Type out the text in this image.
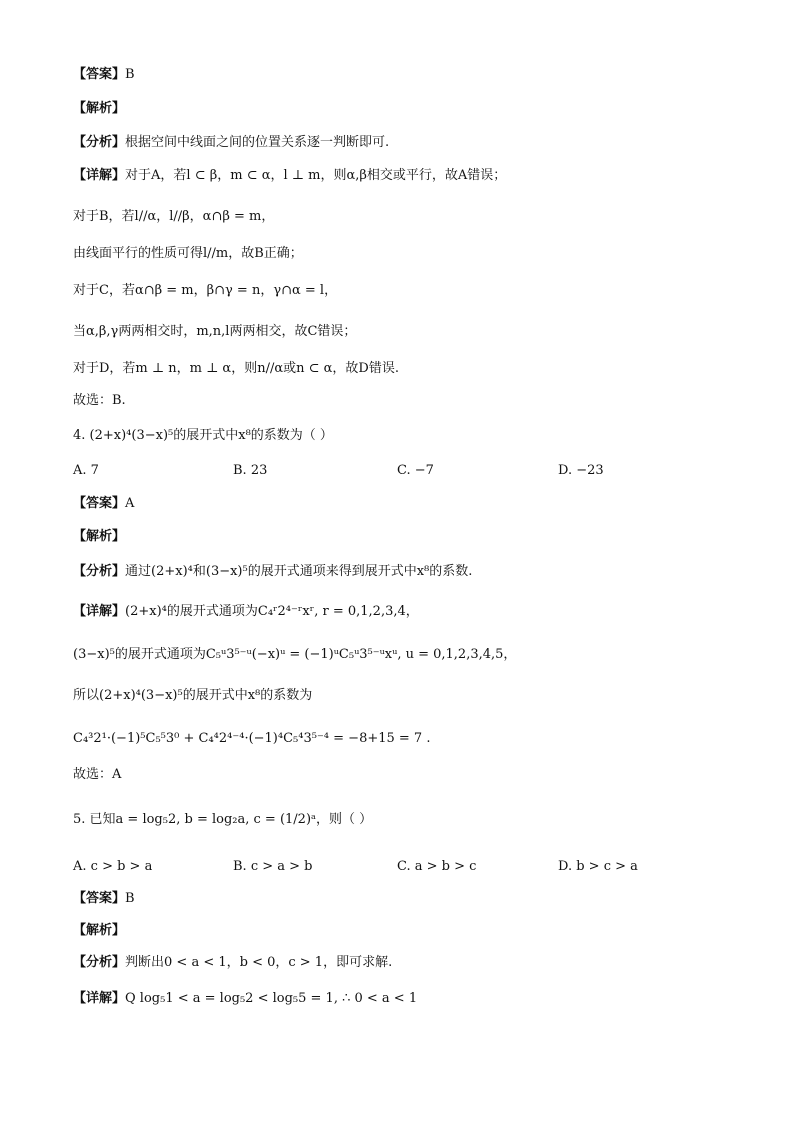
【答案】B
【解析】
【分析】根据空间中线面之间的位置关系逐一判断即可.
【详解】对于A，若l ⊂ β，m ⊂ α，l ⊥ m，则α,β相交或平行，故A错误；
对于B，若l//α，l//β，α∩β = m，
由线面平行的性质可得l//m，故B正确；
对于C，若α∩β = m，β∩γ = n，γ∩α = l，
当α,β,γ两两相交时，m,n,l两两相交，故C错误；
对于D，若m ⊥ n，m ⊥ α，则n//α或n ⊂ α，故D错误.
故选：B.
4. (2+x)⁴(3−x)⁵的展开式中x⁸的系数为（ ）
A. 7	B. 23	C. −7	D. −23
【答案】A
【解析】
【分析】通过(2+x)⁴和(3−x)⁵的展开式通项来得到展开式中x⁸的系数.
【详解】(2+x)⁴的展开式通项为C₄ʳ2⁴⁻ʳxʳ, r = 0,1,2,3,4，
(3−x)⁵的展开式通项为C₅ᵘ3⁵⁻ᵘ(−x)ᵘ = (−1)ᵘC₅ᵘ3⁵⁻ᵘxᵘ, u = 0,1,2,3,4,5，
所以(2+x)⁴(3−x)⁵的展开式中x⁸的系数为
C₄³2¹·(−1)⁵C₅⁵3⁰ + C₄⁴2⁴⁻⁴·(−1)⁴C₅⁴3⁵⁻⁴ = −8+15 = 7 .
故选：A
5. 已知a = log₅2, b = log₂a, c = (1/2)ᵃ，则（ ）
A. c > b > a	B. c > a > b	C. a > b > c	D. b > c > a
【答案】B
【解析】
【分析】判断出0 < a < 1，b < 0，c > 1，即可求解.
【详解】Q log₅1 < a = log₅2 < log₅5 = 1, ∴ 0 < a < 1
